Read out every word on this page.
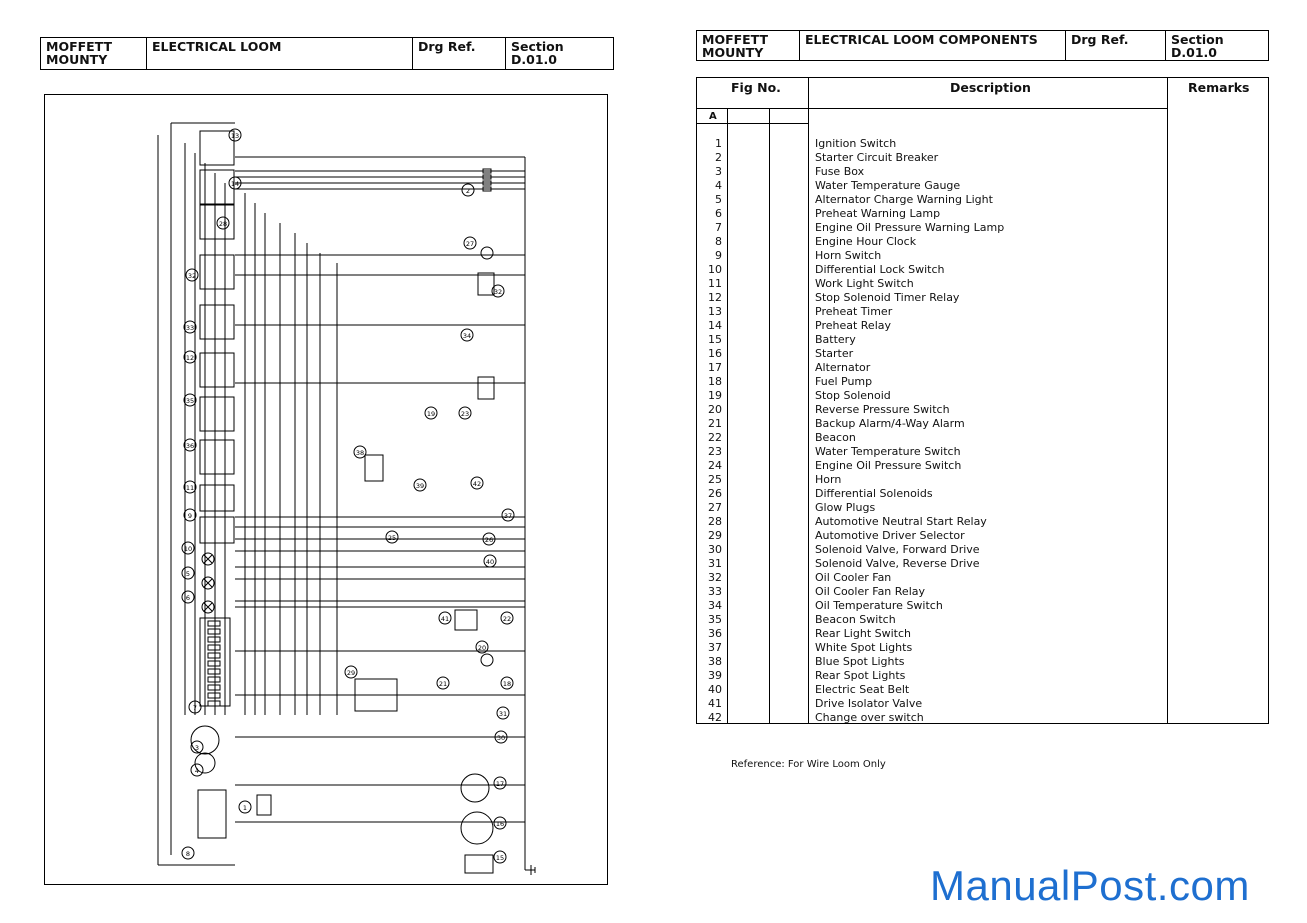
MOFFETT
MOUNTY
	ELECTRICAL LOOM	Drg Ref.	Section
D.01.0
MOFFETT
MOUNTY
	ELECTRICAL LOOM COMPONENTS	Drg Ref.	Section
D.01.0
13
14
28
32
33
12
35
36
11
9
10
5
6
7
3
4
8
1
2
27
32
34
19	23
38
39	42
37
25	26
40
41	22
20
21	18
29
31
30
17
16
15
Fig No.	Description	Remarks
A
1	Ignition Switch
2	Starter Circuit Breaker
3	Fuse Box
4	Water Temperature Gauge
5	Alternator Charge Warning Light
6	Preheat Warning Lamp
7	Engine Oil Pressure Warning Lamp
8	Engine Hour Clock
9	Horn Switch
10	Differential Lock Switch
11	Work Light Switch
12	Stop Solenoid Timer Relay
13	Preheat Timer
14	Preheat Relay
15	Battery
16	Starter
17	Alternator
18	Fuel Pump
19	Stop Solenoid
20	Reverse Pressure Switch
21	Backup Alarm/4-Way Alarm
22	Beacon
23	Water Temperature Switch
24	Engine Oil Pressure Switch
25	Horn
26	Differential Solenoids
27	Glow Plugs
28	Automotive Neutral Start Relay
29	Automotive Driver Selector
30	Solenoid Valve, Forward Drive
31	Solenoid Valve, Reverse Drive
32	Oil Cooler Fan
33	Oil Cooler Fan Relay
34	Oil Temperature Switch
35	Beacon Switch
36	Rear Light Switch
37	White Spot Lights
38	Blue Spot Lights
39	Rear Spot Lights
40	Electric Seat Belt
41	Drive Isolator Valve
42	Change over switch
Reference: For Wire Loom Only
ManualPost.com
